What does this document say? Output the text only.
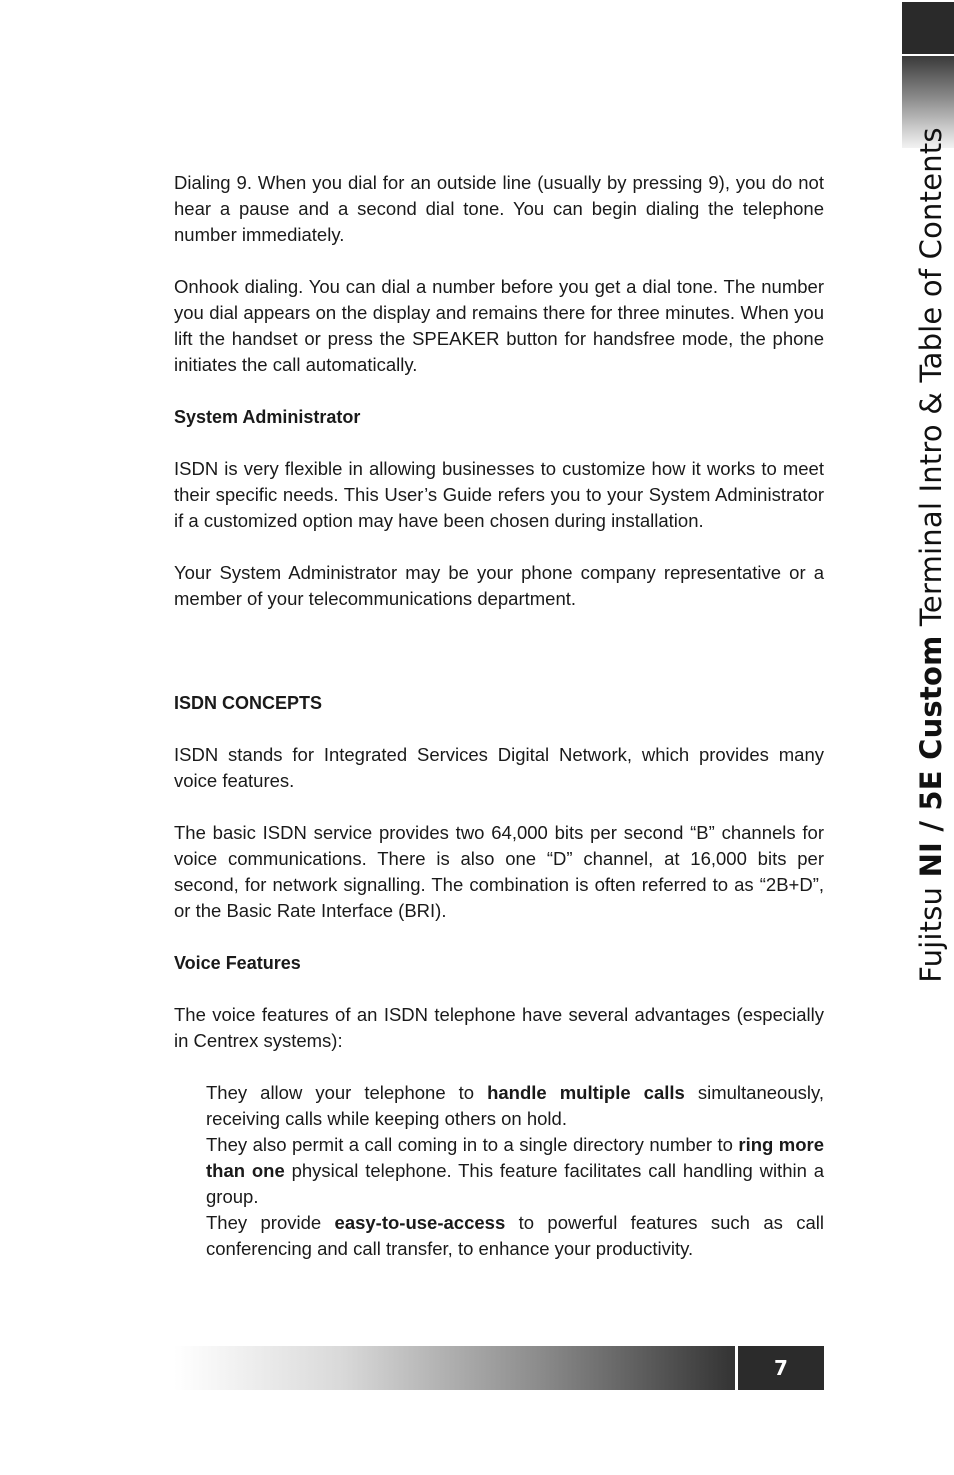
Fujitsu NI / 5E Custom Terminal Intro & Table of Contents

Dialing 9. When you dial for an outside line (usually by pressing 9), you do not hear a pause and a second dial tone. You can begin dialing the telephone number immediately.

Onhook dialing. You can dial a number before you get a dial tone. The number you dial appears on the display and remains there for three minutes. When you lift the handset or press the SPEAKER button for handsfree mode, the phone initiates the call automatically.

System Administrator

ISDN is very flexible in allowing businesses to customize how it works to meet their specific needs. This User’s Guide refers you to your System Administrator if a customized option may have been chosen during installation.

Your System Administrator may be your phone company representative or a member of your telecommunications department.

ISDN CONCEPTS

ISDN stands for Integrated Services Digital Network, which provides many voice features.

The basic ISDN service provides two 64,000 bits per second “B” channels for voice communications. There is also one “D” channel, at 16,000 bits per second, for network signalling. The combination is often referred to as “2B+D”, or the Basic Rate Interface (BRI).

Voice Features

The voice features of an ISDN telephone have several advantages (especially in Centrex systems):

They allow your telephone to handle multiple calls simultaneously, receiving calls while keeping others on hold.
They also permit a call coming in to a single directory number to ring more than one physical telephone. This feature facilitates call handling within a group.
They provide easy-to-use-access to powerful features such as call conferencing and call transfer, to enhance your productivity.
7
